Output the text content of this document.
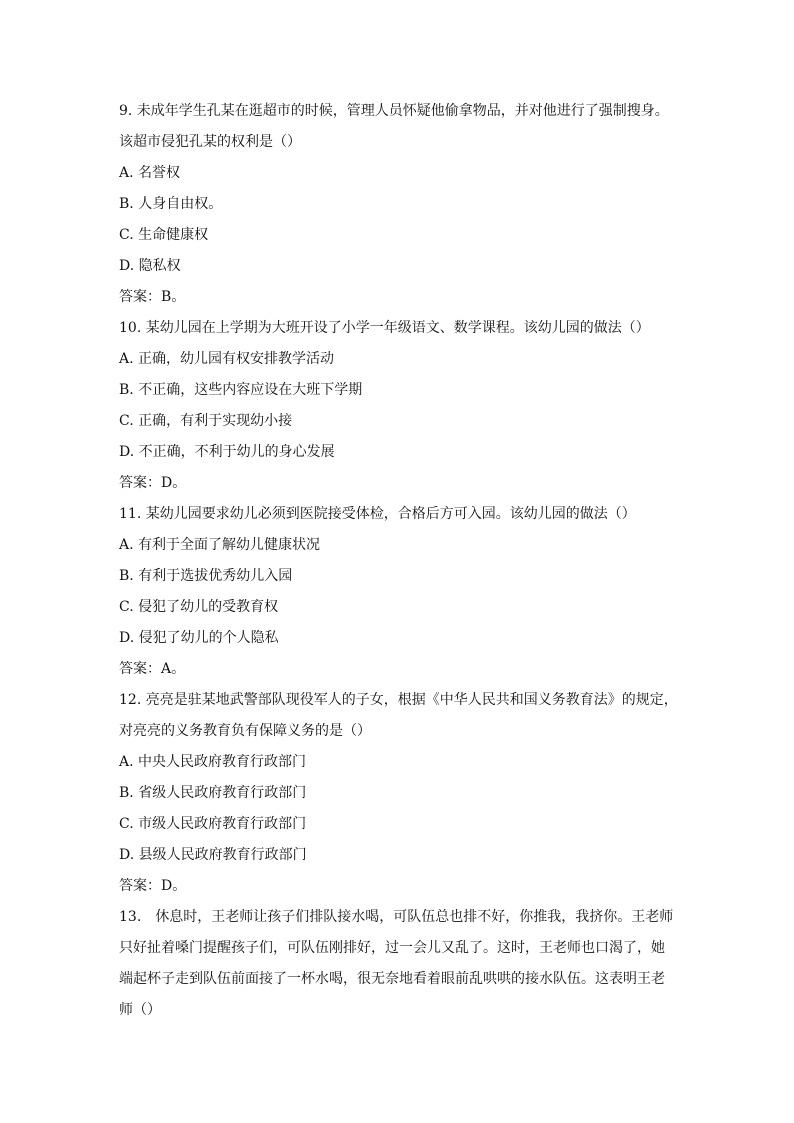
9. 未成年学生孔某在逛超市的时候，管理人员怀疑他偷拿物品，并对他进行了强制搜身。
该超市侵犯孔某的权利是（）
A. 名誉权
B. 人身自由权。
C. 生命健康权
D. 隐私权
答案：B。
10. 某幼儿园在上学期为大班开设了小学一年级语文、数学课程。该幼儿园的做法（）
A. 正确，幼儿园有权安排教学活动
B. 不正确，这些内容应设在大班下学期
C. 正确，有利于实现幼小接
D. 不正确，不利于幼儿的身心发展
答案：D。
11. 某幼儿园要求幼儿必须到医院接受体检，合格后方可入园。该幼儿园的做法（）
A. 有利于全面了解幼儿健康状况
B. 有利于选拔优秀幼儿入园
C. 侵犯了幼儿的受教育权
D. 侵犯了幼儿的个人隐私
答案：A。
12. 亮亮是驻某地武警部队现役军人的子女，根据《中华人民共和国义务教育法》的规定，
对亮亮的义务教育负有保障义务的是（）
A. 中央人民政府教育行政部门
B. 省级人民政府教育行政部门
C. 市级人民政府教育行政部门
D. 县级人民政府教育行政部门
答案：D。
13.　休息时，王老师让孩子们排队接水喝，可队伍总也排不好，你推我，我挤你。王老师
只好扯着嗓门提醒孩子们，可队伍刚排好，过一会儿又乱了。这时，王老师也口渴了，她
端起杯子走到队伍前面接了一杯水喝，很无奈地看着眼前乱哄哄的接水队伍。这表明王老
师（）
